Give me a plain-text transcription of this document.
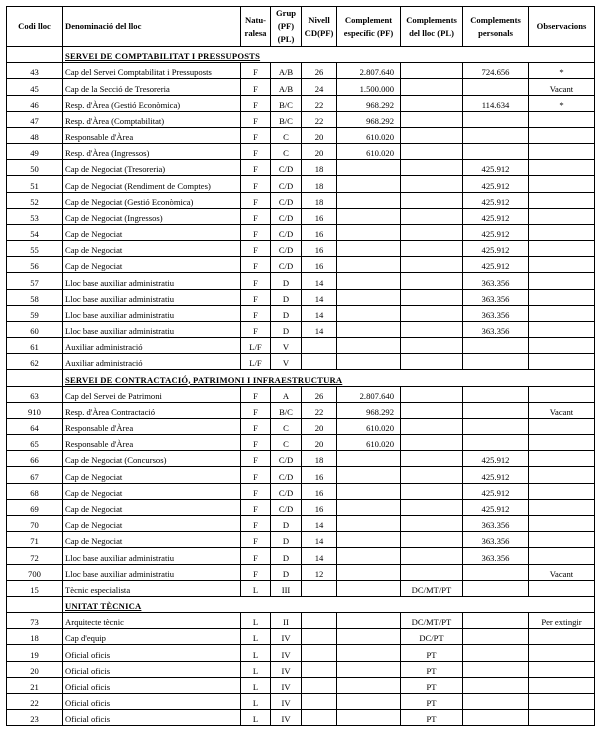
Codi lloc	Denominació del lloc	Natu-ralesa	Grup (PF)(PL)	Nivell CD(PF)	Complement específic (PF)	Complements del lloc (PL)	Complements personals	Observacions
	SERVEI DE COMPTABILITAT I PRESSUPOSTS							
43	Cap del Servei Comptabilitat i Pressuposts	F	A/B	26	2.807.640		724.656	*
45	Cap de la Secció de Tresoreria	F	A/B	24	1.500.000			Vacant
46	Resp. d'Àrea (Gestió Econòmica)	F	B/C	22	968.292		114.634	*
47	Resp. d'Àrea (Comptabilitat)	F	B/C	22	968.292			
48	Responsable d'Àrea	F	C	20	610.020			
49	Resp. d'Àrea (Ingressos)	F	C	20	610.020			
50	Cap de Negociat (Tresoreria)	F	C/D	18			425.912	
51	Cap de Negociat (Rendiment de Comptes)	F	C/D	18			425.912	
52	Cap de Negociat (Gestió Econòmica)	F	C/D	18			425.912	
53	Cap de Negociat (Ingressos)	F	C/D	16			425.912	
54	Cap de Negociat	F	C/D	16			425.912	
55	Cap de Negociat	F	C/D	16			425.912	
56	Cap de Negociat	F	C/D	16			425.912	
57	Lloc base auxiliar administratiu	F	D	14			363.356	
58	Lloc base auxiliar administratiu	F	D	14			363.356	
59	Lloc base auxiliar administratiu	F	D	14			363.356	
60	Lloc base auxiliar administratiu	F	D	14			363.356	
61	Auxiliar administració	L/F	V					
62	Auxiliar administració	L/F	V					
	SERVEI DE CONTRACTACIÓ, PATRIMONI I INFRAESTRUCTURA							
63	Cap del Servei de Patrimoni	F	A	26	2.807.640			
910	Resp. d'Àrea Contractació	F	B/C	22	968.292			Vacant
64	Responsable d'Àrea	F	C	20	610.020			
65	Responsable d'Àrea	F	C	20	610.020			
66	Cap de Negociat (Concursos)	F	C/D	18			425.912	
67	Cap de Negociat	F	C/D	16			425.912	
68	Cap de Negociat	F	C/D	16			425.912	
69	Cap de Negociat	F	C/D	16			425.912	
70	Cap de Negociat	F	D	14			363.356	
71	Cap de Negociat	F	D	14			363.356	
72	Lloc base auxiliar administratiu	F	D	14			363.356	
700	Lloc base auxiliar administratiu	F	D	12				Vacant
15	Tècnic especialista	L	III			DC/MT/PT		
	UNITAT TÈCNICA							
73	Arquitecte tècnic	L	II			DC/MT/PT		Per extingir
18	Cap d'equip	L	IV			DC/PT		
19	Oficial oficis	L	IV			PT		
20	Oficial oficis	L	IV			PT		
21	Oficial oficis	L	IV			PT		
22	Oficial oficis	L	IV			PT		
23	Oficial oficis	L	IV			PT		
